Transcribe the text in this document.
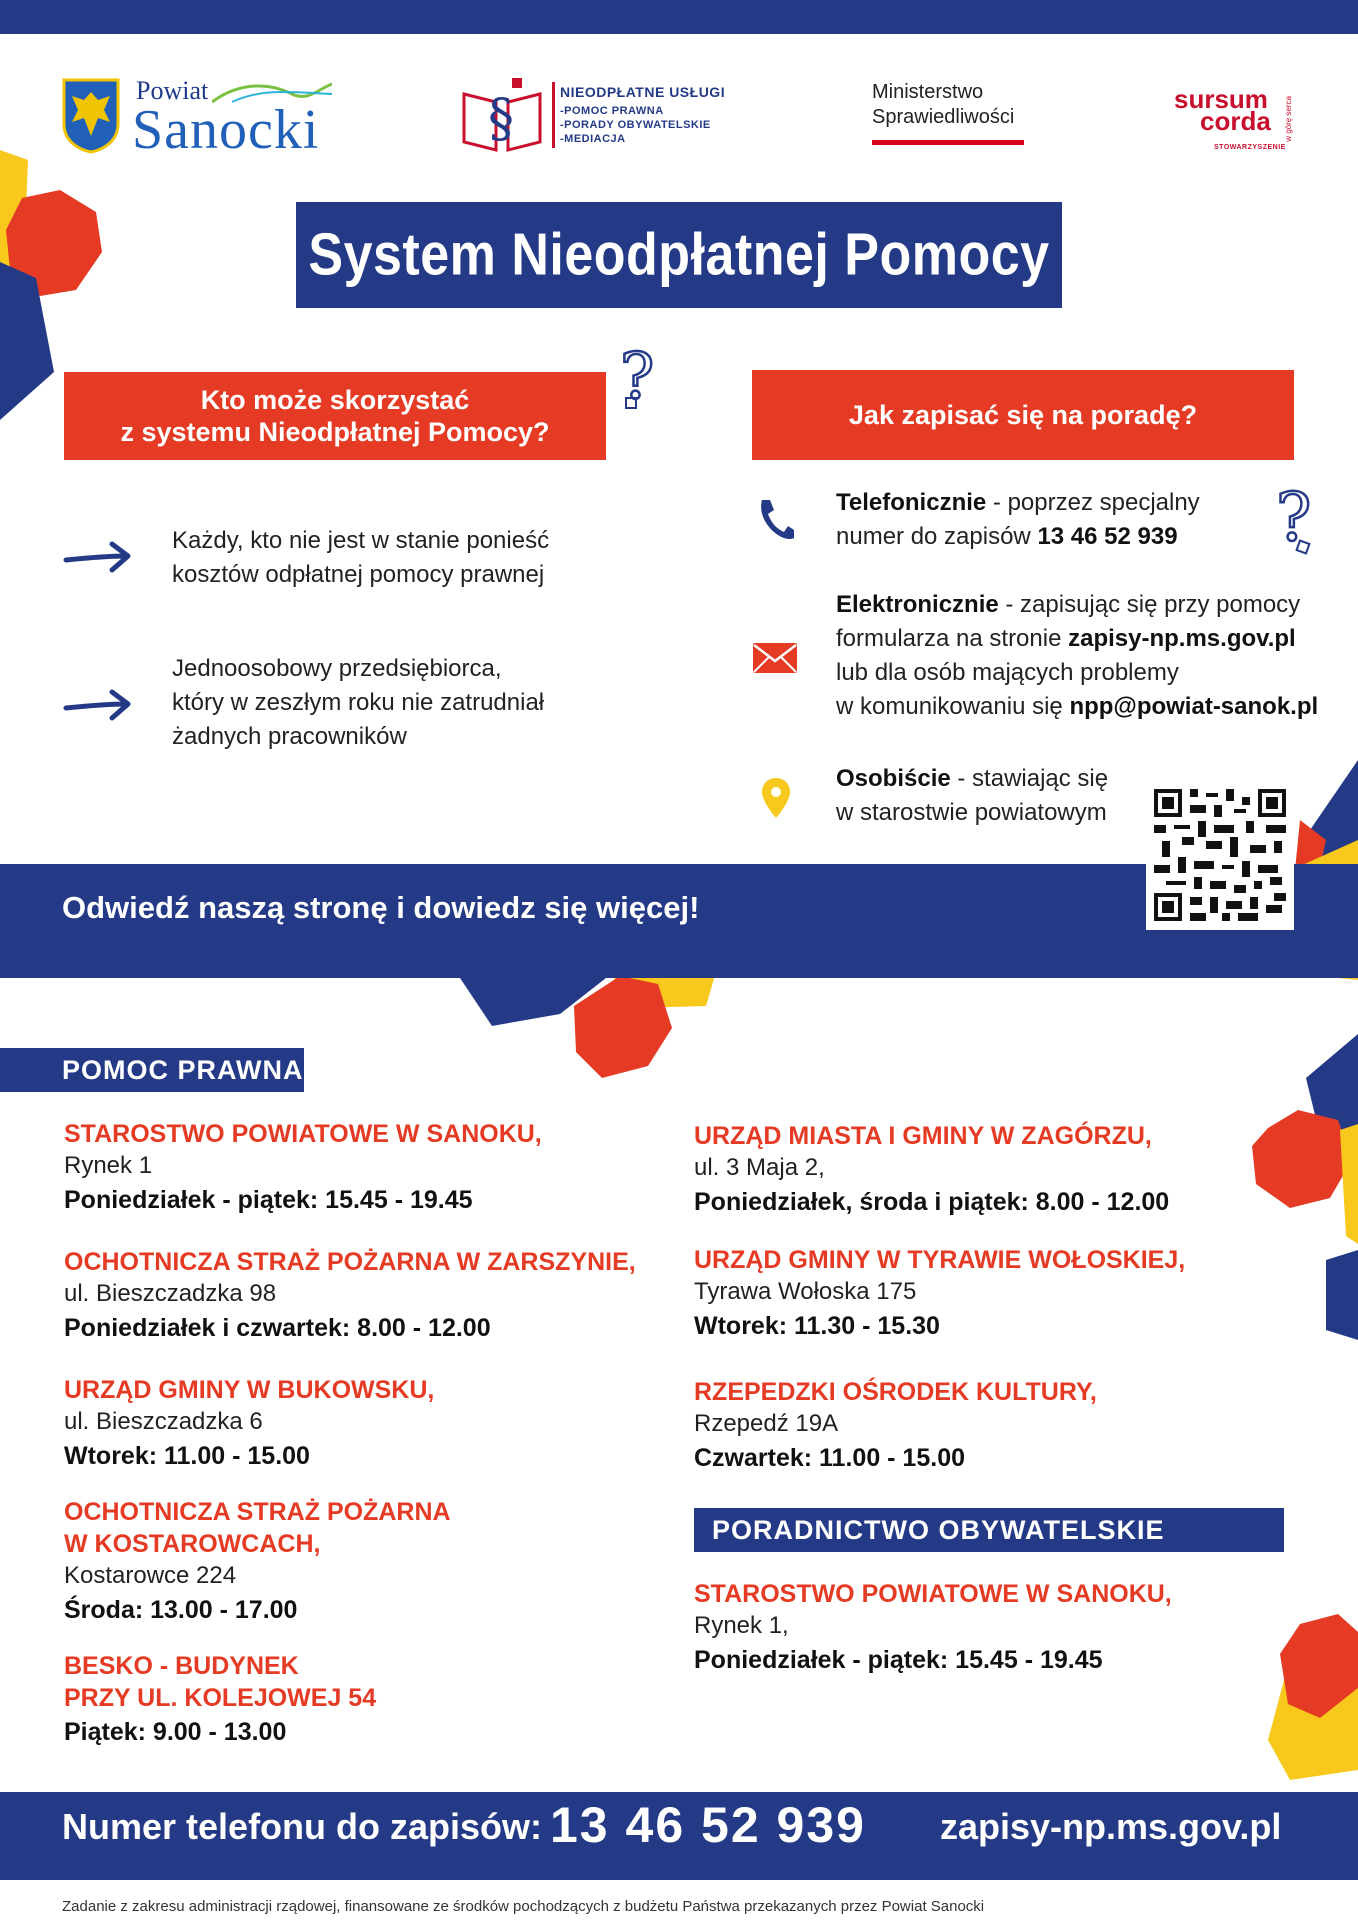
Powiat
Sanocki	§	NIEODPŁATNE USŁUGI
-POMOC PRAWNA
-PORADY OBYWATELSKIE
-MEDIACJA
Ministerstwo
Sprawiedliwości
sursum
corda
STOWARZYSZENIE
w górę serca
System Nieodpłatnej Pomocy
Kto może skorzystać
z systemu Nieodpłatnej Pomocy?
?
Każdy, kto nie jest w stanie ponieść
kosztów odpłatnej pomocy prawnej
Jednoosobowy przedsiębiorca,
który w zeszłym roku nie zatrudniał
żadnych pracowników
Jak zapisać się na poradę?
Telefonicznie - poprzez specjalny
numer do zapisów 13 46 52 939	?
Elektronicznie - zapisując się przy pomocy
formularza na stronie zapisy-np.ms.gov.pl
lub dla osób mających problemy
w komunikowaniu się npp@powiat-sanok.pl
Osobiście - stawiając się
w starostwie powiatowym
Odwiedź naszą stronę i dowiedz się więcej!
POMOC PRAWNA
STAROSTWO POWIATOWE W SANOKU,
Rynek 1
Poniedziałek - piątek: 15.45 - 19.45
OCHOTNICZA STRAŻ POŻARNA W ZARSZYNIE,
ul. Bieszczadzka 98
Poniedziałek i czwartek: 8.00 - 12.00
URZĄD GMINY W BUKOWSKU,
ul. Bieszczadzka 6
Wtorek: 11.00 - 15.00
OCHOTNICZA STRAŻ POŻARNA
W KOSTAROWCACH,
Kostarowce 224
Środa: 13.00 - 17.00
BESKO - BUDYNEK
PRZY UL. KOLEJOWEJ 54
Piątek: 9.00 - 13.00
URZĄD MIASTA I GMINY W ZAGÓRZU,
ul. 3 Maja 2,
Poniedziałek, środa i piątek: 8.00 - 12.00
URZĄD GMINY W TYRAWIE WOŁOSKIEJ,
Tyrawa Wołoska 175
Wtorek: 11.30 - 15.30
RZEPEDZKI OŚRODEK KULTURY,
Rzepedź 19A
Czwartek: 11.00 - 15.00
PORADNICTWO OBYWATELSKIE
STAROSTWO POWIATOWE W SANOKU,
Rynek 1,
Poniedziałek - piątek: 15.45 - 19.45
Numer telefonu do zapisów: 13 46 52 939 zapisy-np.ms.gov.pl
Zadanie z zakresu administracji rządowej, finansowane ze środków pochodzących z budżetu Państwa przekazanych przez Powiat Sanocki
